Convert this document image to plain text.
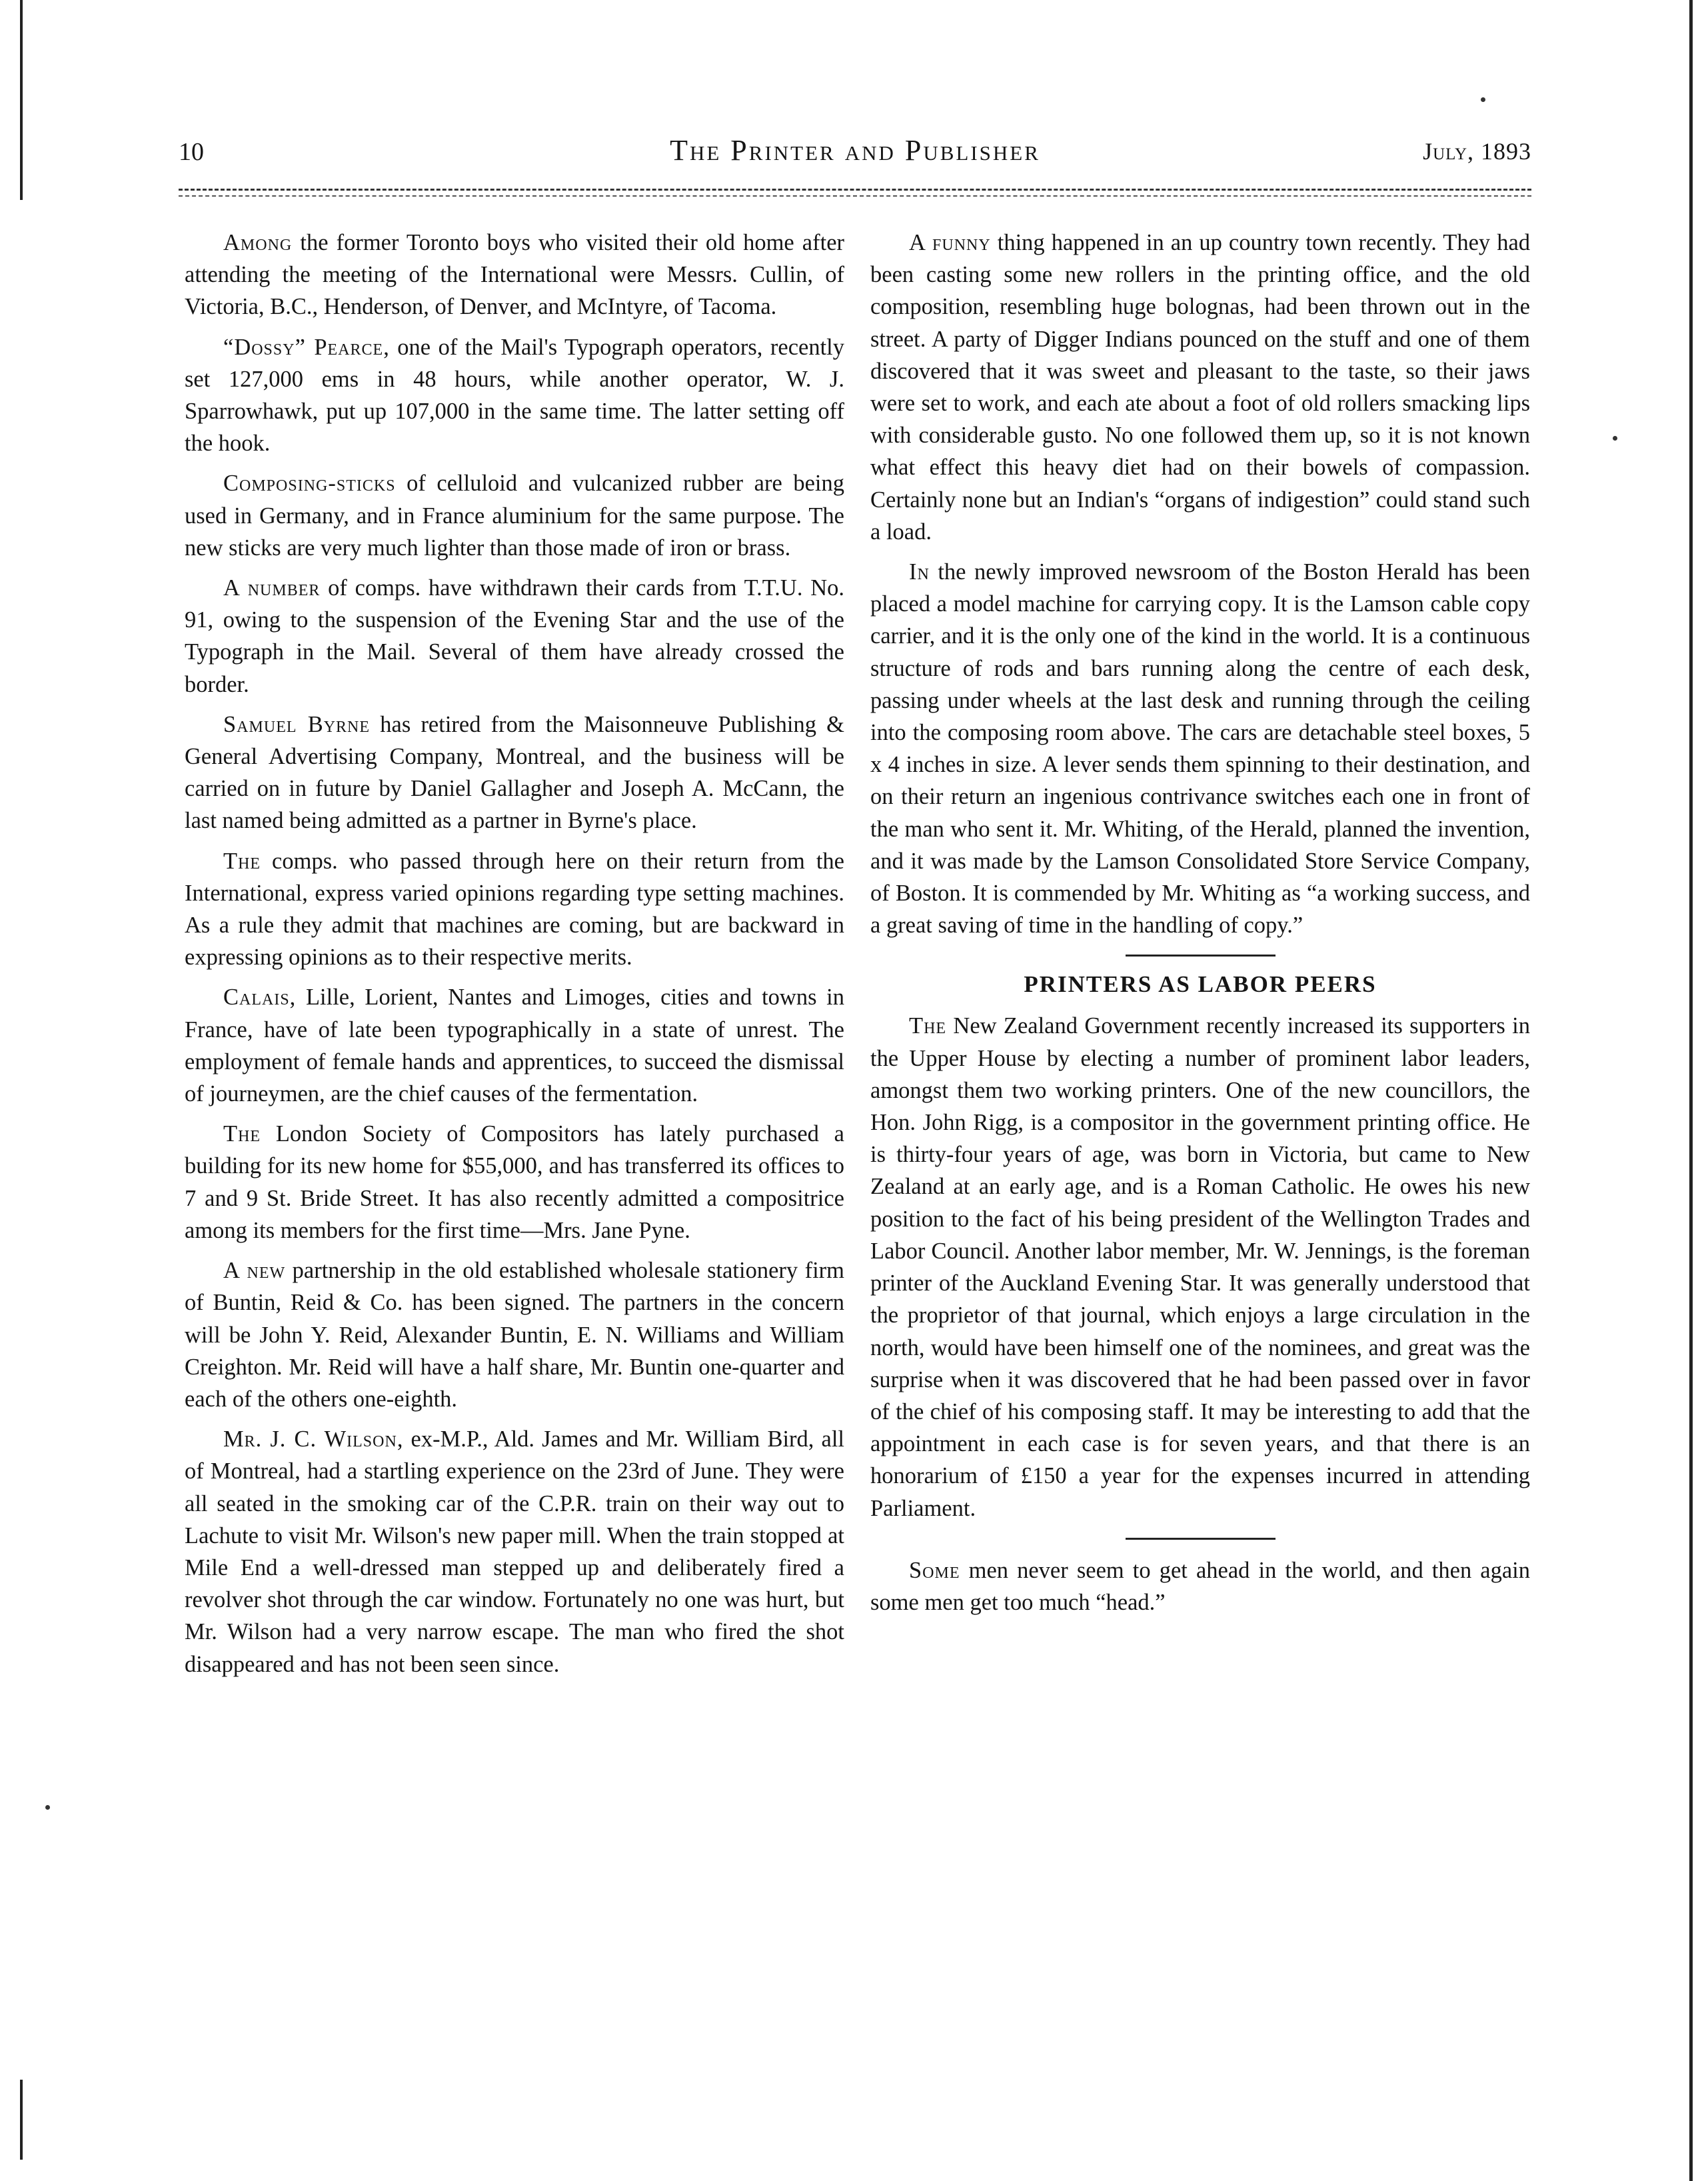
10	The Printer and Publisher	July, 1893

Among the former Toronto boys who visited their old home after attending the meeting of the International were Messrs. Cullin, of Victoria, B.C., Henderson, of Denver, and McIntyre, of Tacoma.

“Dossy” Pearce, one of the Mail's Typograph operators, recently set 127,000 ems in 48 hours, while another operator, W. J. Sparrowhawk, put up 107,000 in the same time. The latter setting off the hook.

Composing-sticks of celluloid and vulcanized rubber are being used in Germany, and in France aluminium for the same purpose. The new sticks are very much lighter than those made of iron or brass.

A number of comps. have withdrawn their cards from T.T.U. No. 91, owing to the suspension of the Evening Star and the use of the Typograph in the Mail. Several of them have already crossed the border.

Samuel Byrne has retired from the Maisonneuve Publishing & General Advertising Company, Montreal, and the business will be carried on in future by Daniel Gallagher and Joseph A. McCann, the last named being admitted as a partner in Byrne's place.

The comps. who passed through here on their return from the International, express varied opinions regarding type setting machines. As a rule they admit that machines are coming, but are backward in expressing opinions as to their respective merits.

Calais, Lille, Lorient, Nantes and Limoges, cities and towns in France, have of late been typographically in a state of unrest. The employment of female hands and apprentices, to succeed the dismissal of journeymen, are the chief causes of the fermentation.

The London Society of Compositors has lately purchased a building for its new home for $55,000, and has transferred its offices to 7 and 9 St. Bride Street. It has also recently admitted a compositrice among its members for the first time—Mrs. Jane Pyne.

A new partnership in the old established wholesale stationery firm of Buntin, Reid & Co. has been signed. The partners in the concern will be John Y. Reid, Alexander Buntin, E. N. Williams and William Creighton. Mr. Reid will have a half share, Mr. Buntin one-quarter and each of the others one-eighth.

Mr. J. C. Wilson, ex-M.P., Ald. James and Mr. William Bird, all of Montreal, had a startling experience on the 23rd of June. They were all seated in the smoking car of the C.P.R. train on their way out to Lachute to visit Mr. Wilson's new paper mill. When the train stopped at Mile End a well-dressed man stepped up and deliberately fired a revolver shot through the car window. Fortunately no one was hurt, but Mr. Wilson had a very narrow escape. The man who fired the shot disappeared and has not been seen since.

A funny thing happened in an up country town recently. They had been casting some new rollers in the printing office, and the old composition, resembling huge bolognas, had been thrown out in the street. A party of Digger Indians pounced on the stuff and one of them discovered that it was sweet and pleasant to the taste, so their jaws were set to work, and each ate about a foot of old rollers smacking lips with considerable gusto. No one followed them up, so it is not known what effect this heavy diet had on their bowels of compassion. Certainly none but an Indian's “organs of indigestion” could stand such a load.

In the newly improved newsroom of the Boston Herald has been placed a model machine for carrying copy. It is the Lamson cable copy carrier, and it is the only one of the kind in the world. It is a continuous structure of rods and bars running along the centre of each desk, passing under wheels at the last desk and running through the ceiling into the composing room above. The cars are detachable steel boxes, 5 x 4 inches in size. A lever sends them spinning to their destination, and on their return an ingenious contrivance switches each one in front of the man who sent it. Mr. Whiting, of the Herald, planned the invention, and it was made by the Lamson Consolidated Store Service Company, of Boston. It is commended by Mr. Whiting as “a working success, and a great saving of time in the handling of copy.”

PRINTERS AS LABOR PEERS

The New Zealand Government recently increased its supporters in the Upper House by electing a number of prominent labor leaders, amongst them two working printers. One of the new councillors, the Hon. John Rigg, is a compositor in the government printing office. He is thirty-four years of age, was born in Victoria, but came to New Zealand at an early age, and is a Roman Catholic. He owes his new position to the fact of his being president of the Wellington Trades and Labor Council. Another labor member, Mr. W. Jennings, is the foreman printer of the Auckland Evening Star. It was generally understood that the proprietor of that journal, which enjoys a large circulation in the north, would have been himself one of the nominees, and great was the surprise when it was discovered that he had been passed over in favor of the chief of his composing staff. It may be interesting to add that the appointment in each case is for seven years, and that there is an honorarium of £150 a year for the expenses incurred in attending Parliament.

Some men never seem to get ahead in the world, and then again some men get too much “head.”
